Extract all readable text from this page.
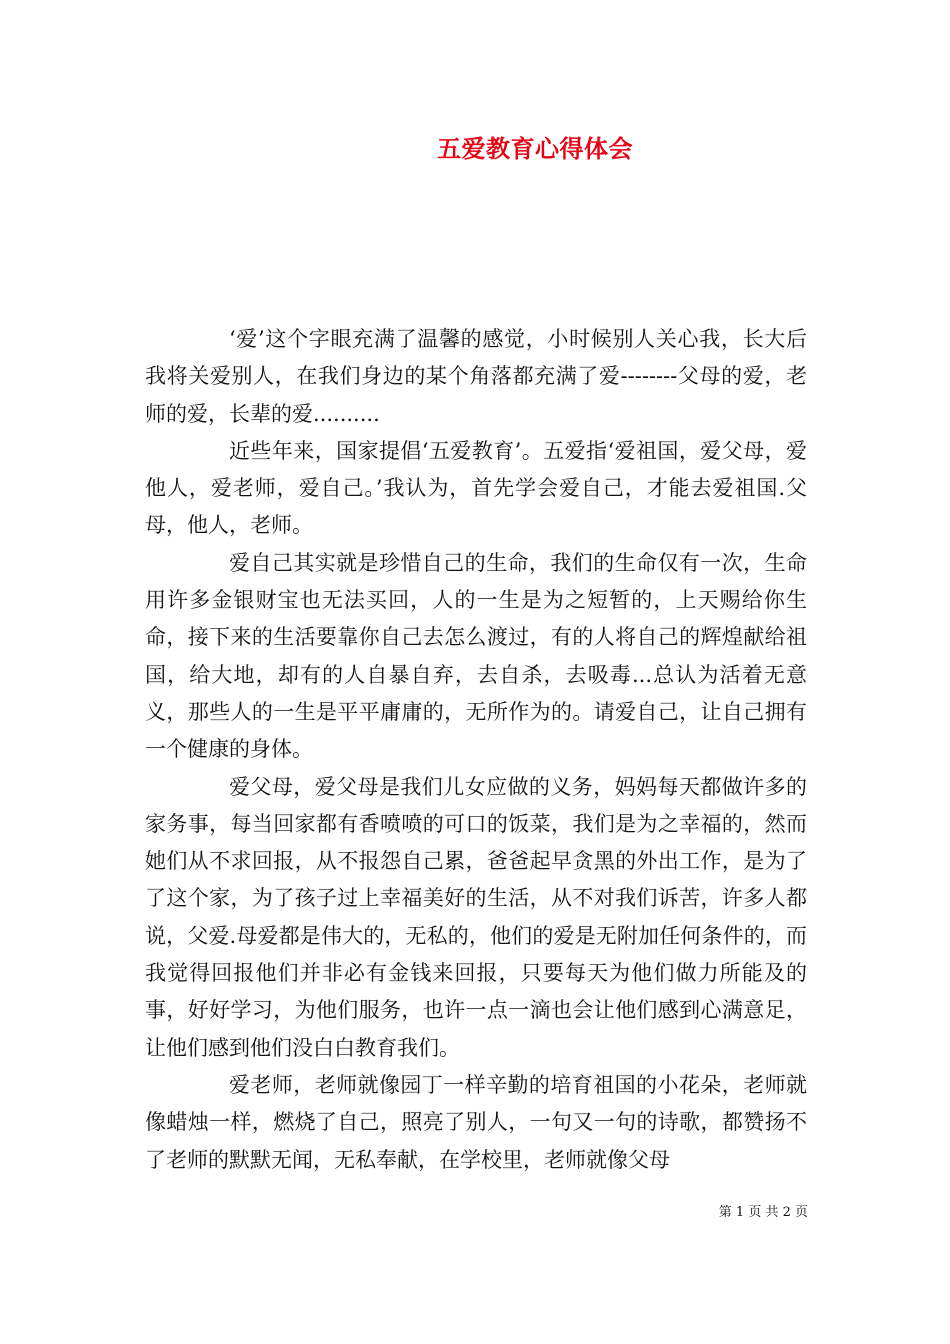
五爱教育心得体会

‘爱’这个字眼充满了温馨的感觉，小时候别人关心我，长大后我将关爱别人，在我们身边的某个角落都充满了爱--------父母的爱，老师的爱，长辈的爱..........

近些年来，国家提倡‘五爱教育’。五爱指‘爱祖国，爱父母，爱他人，爱老师，爱自己。’我认为，首先学会爱自己，才能去爱祖国.父母，他人，老师。

爱自己其实就是珍惜自己的生命，我们的生命仅有一次，生命用许多金银财宝也无法买回，人的一生是为之短暂的，上天赐给你生命，接下来的生活要靠你自己去怎么渡过，有的人将自己的辉煌献给祖国，给大地，却有的人自暴自弃，去自杀，去吸毒...总认为活着无意义，那些人的一生是平平庸庸的，无所作为的。请爱自己，让自己拥有一个健康的身体。

爱父母，爱父母是我们儿女应做的义务，妈妈每天都做许多的家务事，每当回家都有香喷喷的可口的饭菜，我们是为之幸福的，然而她们从不求回报，从不报怨自己累，爸爸起早贪黑的外出工作，是为了了这个家，为了孩子过上幸福美好的生活，从不对我们诉苦，许多人都说，父爱.母爱都是伟大的，无私的，他们的爱是无附加任何条件的，而我觉得回报他们并非必有金钱来回报，只要每天为他们做力所能及的事，好好学习，为他们服务，也许一点一滴也会让他们感到心满意足，让他们感到他们没白白教育我们。

爱老师，老师就像园丁一样辛勤的培育祖国的小花朵，老师就像蜡烛一样，燃烧了自己，照亮了别人，一句又一句的诗歌，都赞扬不了老师的默默无闻，无私奉献，在学校里，老师就像父母

第 1 页 共 2 页
